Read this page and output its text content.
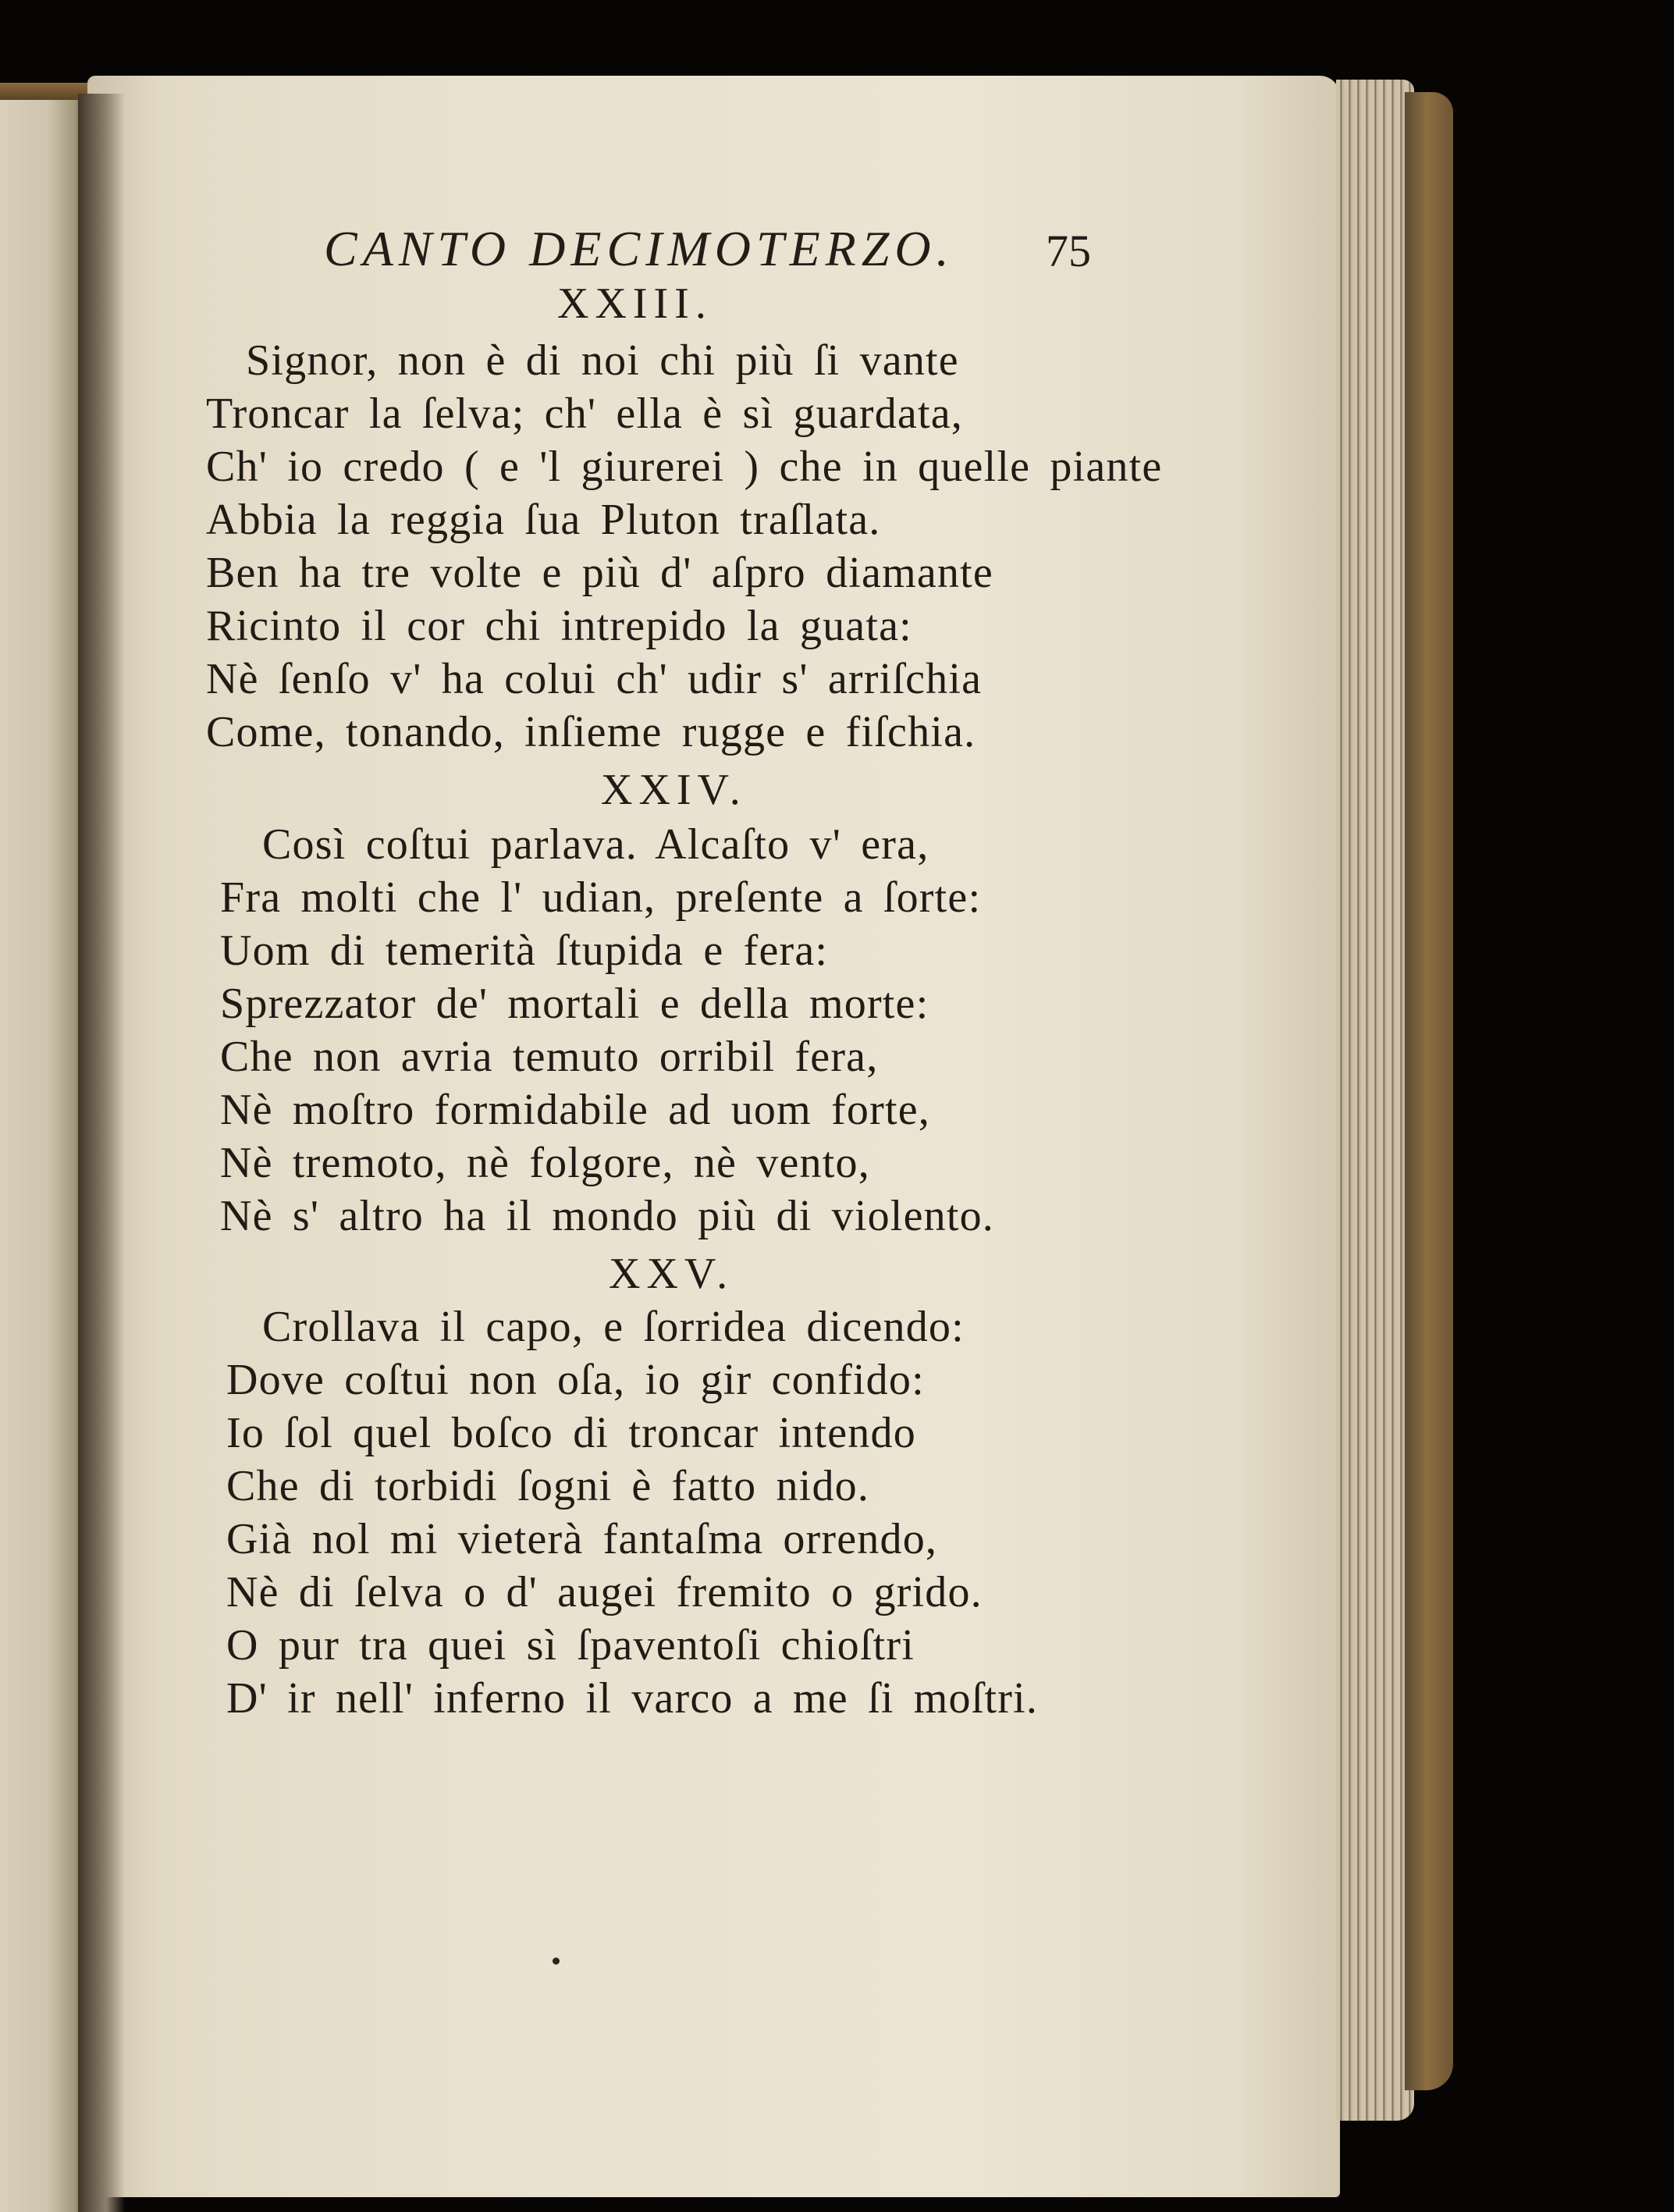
CANTO DECIMOTERZO. 75
XXIII.
Signor, non è di noi chi più ſi vante
Troncar la ſelva; ch' ella è sì guardata,
Ch' io credo ( e 'l giurerei ) che in quelle piante
Abbia la reggia ſua Pluton traſlata.
Ben ha tre volte e più d' aſpro diamante
Ricinto il cor chi intrepido la guata:
Nè ſenſo v' ha colui ch' udir s' arriſchia
Come, tonando, inſieme rugge e fiſchia.
XXIV.
Così coſtui parlava. Alcaſto v' era,
Fra molti che l' udian, preſente a ſorte:
Uom di temerità ſtupida e fera:
Sprezzator de' mortali e della morte:
Che non avria temuto orribil fera,
Nè moſtro formidabile ad uom forte,
Nè tremoto, nè folgore, nè vento,
Nè s' altro ha il mondo più di violento.
XXV.
Crollava il capo, e ſorridea dicendo:
Dove coſtui non oſa, io gir confido:
Io ſol quel boſco di troncar intendo
Che di torbidi ſogni è fatto nido.
Già nol mi vieterà fantaſma orrendo,
Nè di ſelva o d' augei fremito o grido.
O pur tra quei sì ſpaventoſi chioſtri
D' ir nell' inferno il varco a me ſi moſtri.
